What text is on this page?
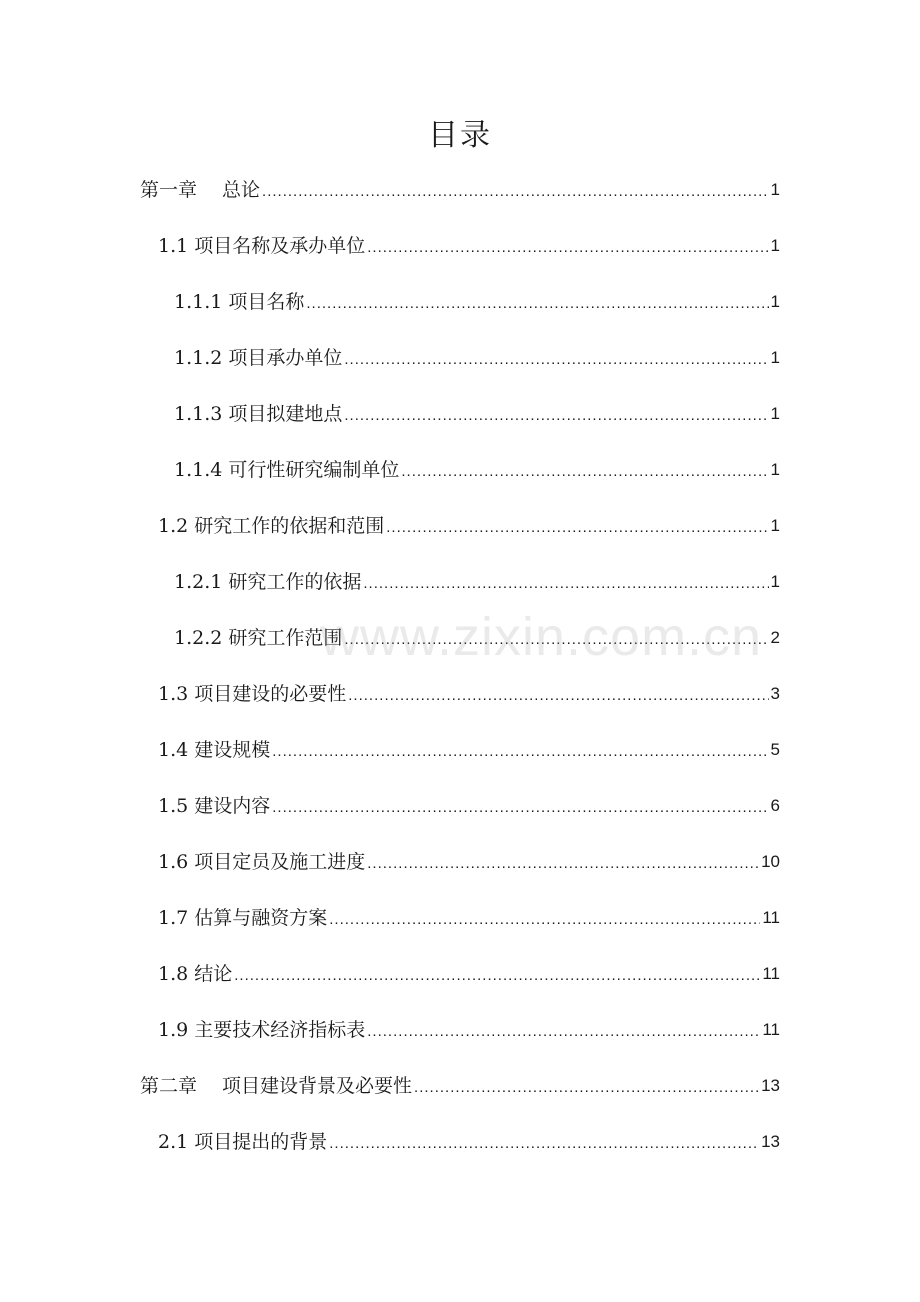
目录
第一章　 总论 .....	1
1.1 项目名称及承办单位 .....	1
1.1.1 项目名称 .....	1
1.1.2 项目承办单位 .....	1
1.1.3 项目拟建地点 .....	1
1.1.4 可行性研究编制单位 .....	1
1.2 研究工作的依据和范围 .....	1
1.2.1 研究工作的依据 .....	1
1.2.2 研究工作范围 .....	2
1.3 项目建设的必要性 .....	3
1.4 建设规模 .....	5
1.5 建设内容 .....	6
1.6 项目定员及施工进度 .....	10
1.7 估算与融资方案 .....	11
1.8 结论 .....	11
1.9 主要技术经济指标表 .....	11
第二章　 项目建设背景及必要性 .....	13
2.1 项目提出的背景 .....	13
www.zixin.com.cn
